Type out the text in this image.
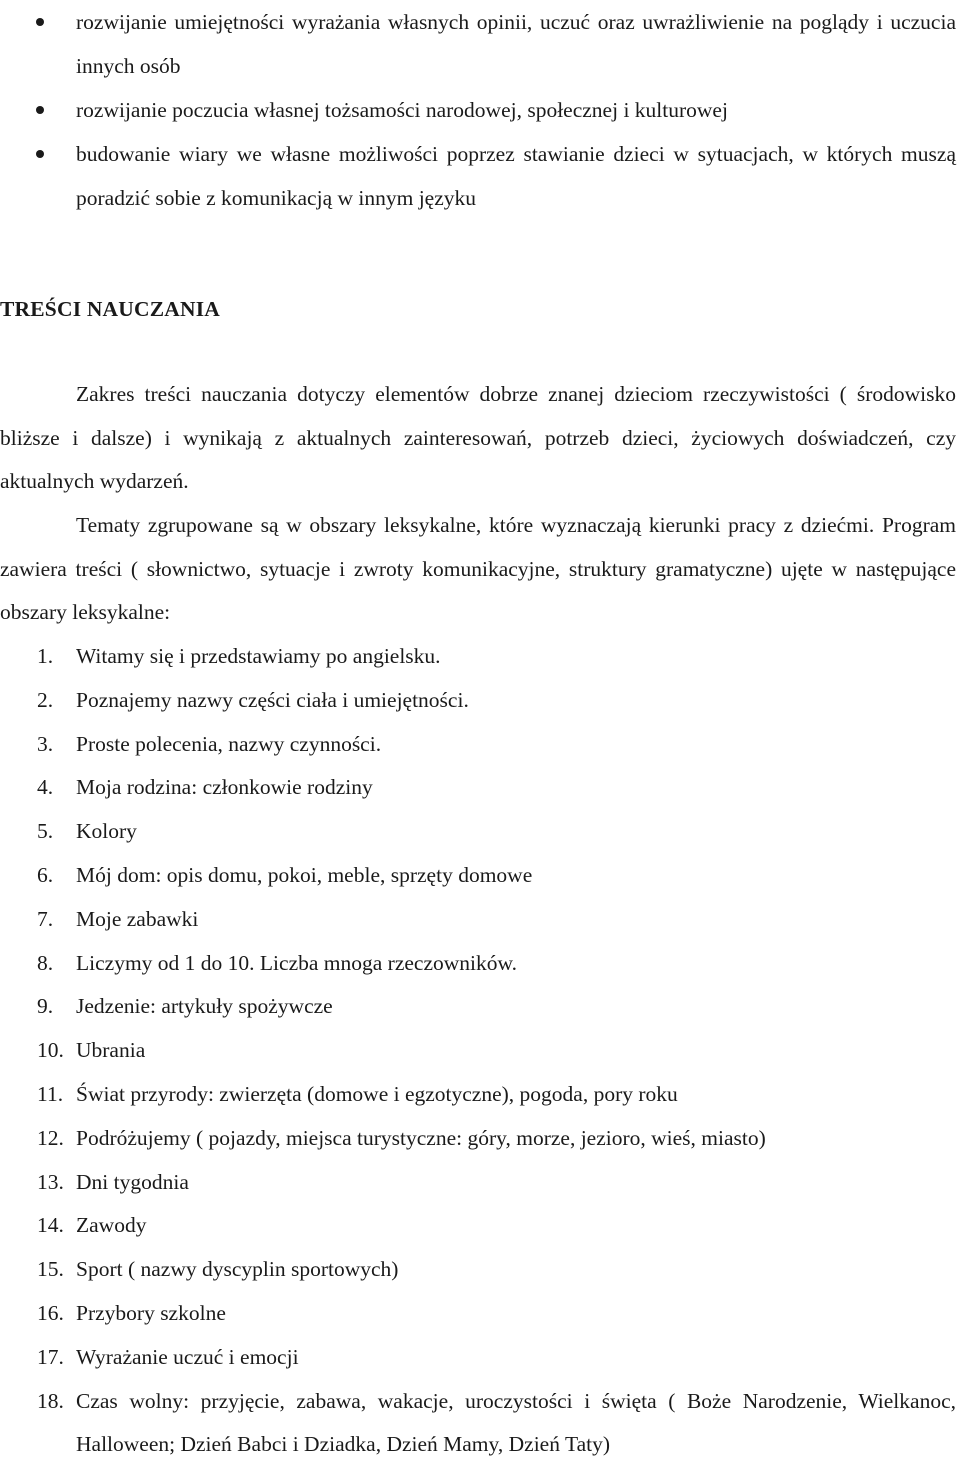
rozwijanie umiejętności wyrażania własnych opinii, uczuć oraz uwrażliwienie na poglądy i uczucia innych osób
rozwijanie poczucia własnej tożsamości narodowej, społecznej i kulturowej
budowanie wiary we własne możliwości poprzez stawianie dzieci w sytuacjach, w których muszą poradzić sobie z komunikacją w innym języku
TREŚCI NAUCZANIA

Zakres treści nauczania dotyczy elementów dobrze znanej dzieciom rzeczywistości ( środowisko bliższe i dalsze) i wynikają z aktualnych zainteresowań, potrzeb dzieci, życiowych doświadczeń, czy aktualnych wydarzeń.

Tematy zgrupowane są w obszary leksykalne, które wyznaczają kierunki pracy z dziećmi. Program zawiera treści ( słownictwo, sytuacje i zwroty komunikacyjne, struktury gramatyczne) ujęte w następujące obszary leksykalne:

1. Witamy się i przedstawiamy po angielsku.
2. Poznajemy nazwy części ciała i umiejętności.
3. Proste polecenia, nazwy czynności.
4. Moja rodzina: członkowie rodziny
5. Kolory
6. Mój dom: opis domu, pokoi, meble, sprzęty domowe
7. Moje zabawki
8. Liczymy od 1 do 10. Liczba mnoga rzeczowników.
9. Jedzenie: artykuły spożywcze
10. Ubrania
11. Świat przyrody: zwierzęta (domowe i egzotyczne), pogoda, pory roku
12. Podróżujemy ( pojazdy, miejsca turystyczne: góry, morze, jezioro, wieś, miasto)
13. Dni tygodnia
14. Zawody
15. Sport ( nazwy dyscyplin sportowych)
16. Przybory szkolne
17. Wyrażanie uczuć i emocji
18. Czas wolny: przyjęcie, zabawa, wakacje, uroczystości i święta ( Boże Narodzenie, Wielkanoc, Halloween; Dzień Babci i Dziadka, Dzień Mamy, Dzień Taty)
